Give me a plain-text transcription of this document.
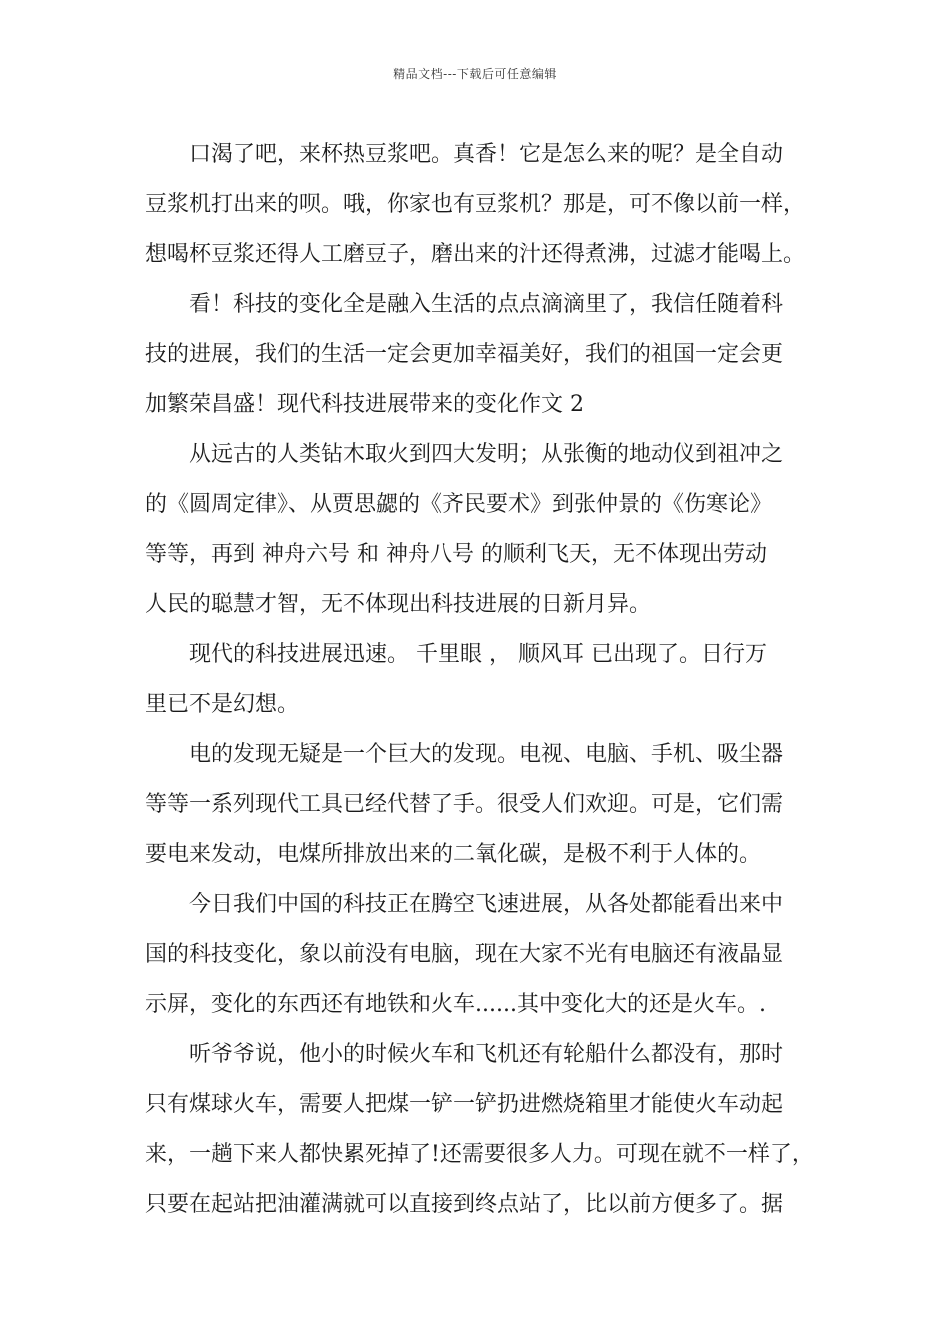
精品文档---下载后可任意编辑

口渴了吧，来杯热豆浆吧。真香！它是怎么来的呢？是全自动
豆浆机打出来的呗。哦，你家也有豆浆机？那是，可不像以前一样，
想喝杯豆浆还得人工磨豆子，磨出来的汁还得煮沸，过滤才能喝上。

看！科技的变化全是融入生活的点点滴滴里了，我信任随着科
技的进展，我们的生活一定会更加幸福美好，我们的祖国一定会更
加繁荣昌盛！现代科技进展带来的变化作文 2

从远古的人类钻木取火到四大发明；从张衡的地动仪到祖冲之
的《圆周定律》、从贾思勰的《齐民要术》到张仲景的《伤寒论》
等等，再到 神舟六号 和 神舟八号 的顺利飞天，无不体现出劳动
人民的聪慧才智，无不体现出科技进展的日新月异。

现代的科技进展迅速。 千里眼 ， 顺风耳 已出现了。日行万
里已不是幻想。

电的发现无疑是一个巨大的发现。电视、电脑、手机、吸尘器
等等一系列现代工具已经代替了手。很受人们欢迎。可是，它们需
要电来发动，电煤所排放出来的二氧化碳，是极不利于人体的。

今日我们中国的科技正在腾空飞速进展，从各处都能看出来中
国的科技变化，象以前没有电脑，现在大家不光有电脑还有液晶显
示屏，变化的东西还有地铁和火车......其中变化大的还是火车。.

听爷爷说，他小的时候火车和飞机还有轮船什么都没有，那时
只有煤球火车，需要人把煤一铲一铲扔进燃烧箱里才能使火车动起
来，一趟下来人都快累死掉了!还需要很多人力。可现在就不一样了，
只要在起站把油灌满就可以直接到终点站了，比以前方便多了。据
